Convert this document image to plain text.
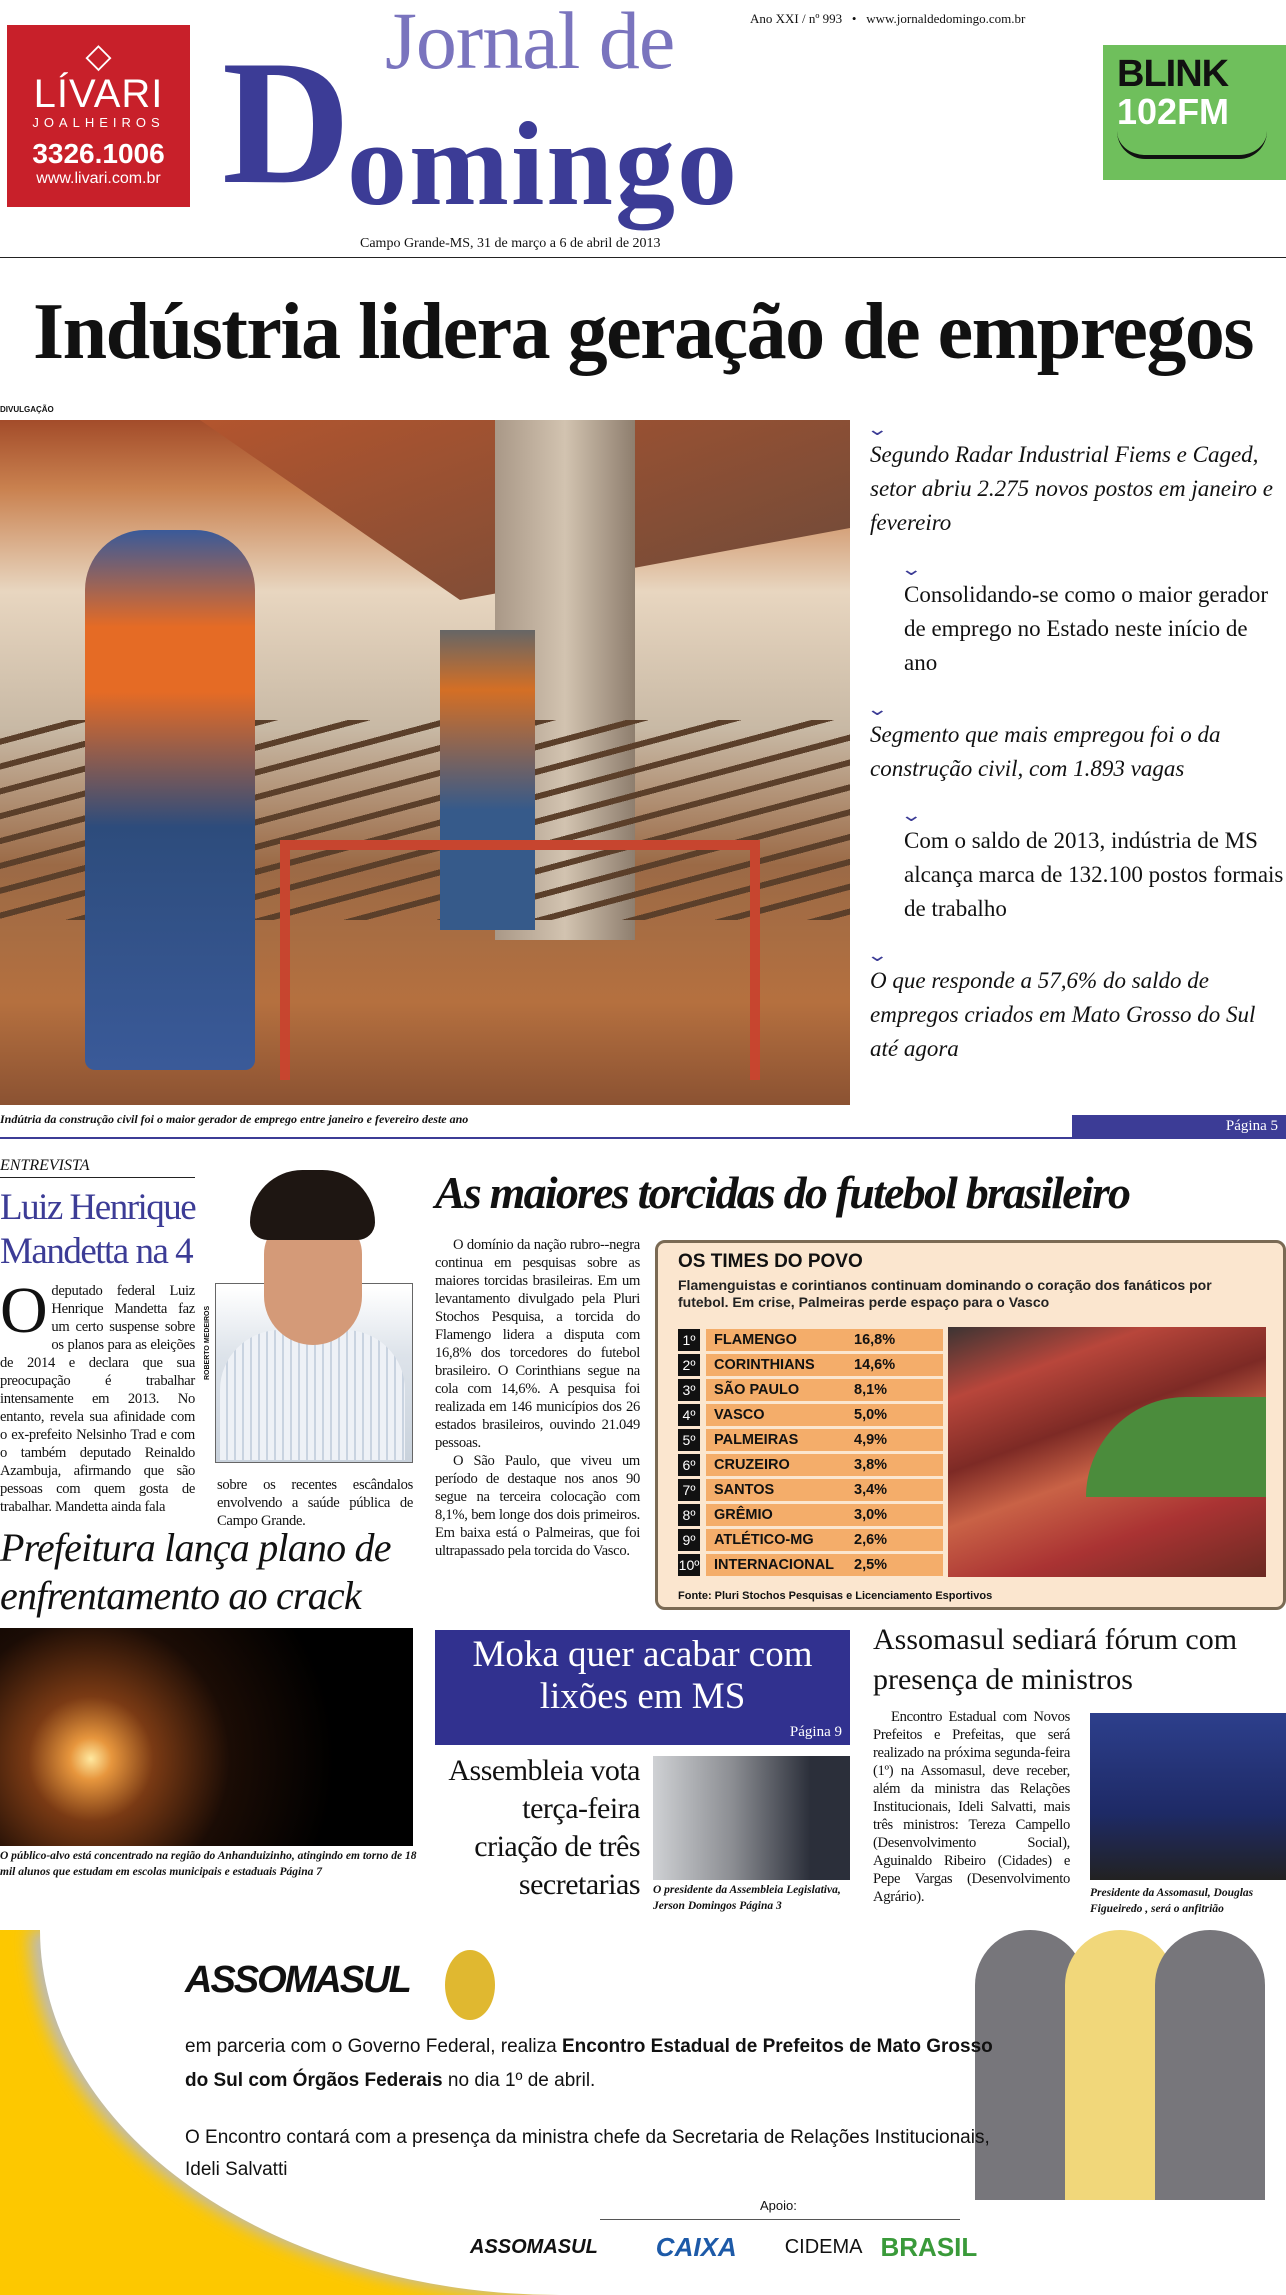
◇
LÍVARI
JOALHEIROS
3326.1006
www.livari.com.br D
omingo
Jornal de	Ano XXI / nº 993 • www.jornaldedomingo.com.br
Campo Grande-MS, 31 de março a 6 de abril de 2013
BLINK
102FM
Indústria lidera geração de empregos
DIVULGAÇÃO
⌄
Segundo Radar Industrial Fiems e Caged, setor abriu 2.275 novos postos em janeiro e fevereiro
⌄
Consolidando-se como o maior gerador de emprego no Estado neste início de ano
⌄
Segmento que mais empregou foi o da construção civil, com 1.893 vagas
⌄
Com o saldo de 2013, indústria de MS alcança marca de 132.100 postos formais de trabalho
⌄
O que responde a 57,6% do saldo de empregos criados em Mato Grosso do Sul até agora
Indútria da construção civil foi o maior gerador de emprego entre janeiro e fevereiro deste ano	Página 5
ENTREVISTA
Luiz Henrique Mandetta na 4
Odeputado federal Luiz Henrique Mandetta faz um certo suspense sobre os planos para as eleições de 2014 e declara que sua preocupação é trabalhar intensamente em 2013. No entanto, revela sua afinidade com o ex-prefeito Nelsinho Trad e com o também deputado Reinaldo Azambuja, afirmando que são pessoas com quem gosta de trabalhar. Mandetta ainda fala
Prefeitura lança plano de enfrentamento ao crack
O público-alvo está concentrado na região do Anhanduizinho, atingindo em torno de 18 mil alunos que estudam em escolas municipais e estaduais Página 7
ROBERTO MEDEIROS
sobre os recentes escândalos envolvendo a saúde pública de Campo Grande.
As maiores torcidas do futebol brasileiro

O domínio da nação rubro--negra continua em pesquisas sobre as maiores torcidas brasileiras. Em um levantamento divulgado pela Pluri Stochos Pesquisa, a torcida do Flamengo lidera a disputa com 16,8% dos torcedores do futebol brasileiro. O Corinthians segue na cola com 14,6%. A pesquisa foi realizada em 146 municípios dos 26 estados brasileiros, ouvindo 21.049 pessoas.

O São Paulo, que viveu um período de destaque nos anos 90 segue na terceira colocação com 8,1%, bem longe dos dois primeiros. Em baixa está o Palmeiras, que foi ultrapassado pela torcida do Vasco.

OS TIMES DO POVO
Flamenguistas e corintianos continuam dominando o coração dos fanáticos por futebol. Em crise, Palmeiras perde espaço para o Vasco
1º	FLAMENGO	16,8%
2º	CORINTHIANS	14,6%
3º	SÃO PAULO	8,1%
4º	VASCO	5,0%
5º	PALMEIRAS	4,9%
6º	CRUZEIRO	3,8%
7º	SANTOS	3,4%
8º	GRÊMIO	3,0%
9º	ATLÉTICO-MG	2,6%
10º INTERNACIONAL	2,5%
Fonte: Pluri Stochos Pesquisas e Licenciamento Esportivos
Moka quer acabar com lixões em MS
Página 9
Assembleia vota terça-feira criação de três secretarias O presidente da Assembleia Legislativa, Jerson Domingos Página 3
Assomasul sediará fórum com presença de ministros
Encontro Estadual com Novos Prefeitos e Prefeitas, que será realizado na próxima segunda-feira (1º) na Assomasul, deve receber, além da ministra das Relações Institucionais, Ideli Salvatti, mais três ministros: Tereza Campello (Desenvolvimento Social), Aguinaldo Ribeiro (Cidades) e Pepe Vargas (Desenvolvimento Agrário).	Presidente da Assomasul, Douglas Figueiredo , será o anfitrião
ASSOMASUL
em parceria com o Governo Federal, realiza Encontro Estadual de Prefeitos de Mato Grosso do Sul com Órgãos Federais no dia 1º de abril.
O Encontro contará com a presença da ministra chefe da Secretaria de Relações Institucionais, Ideli Salvatti
Apoio:
ASSOMASUL CAIXA CIDEMA BRASIL
